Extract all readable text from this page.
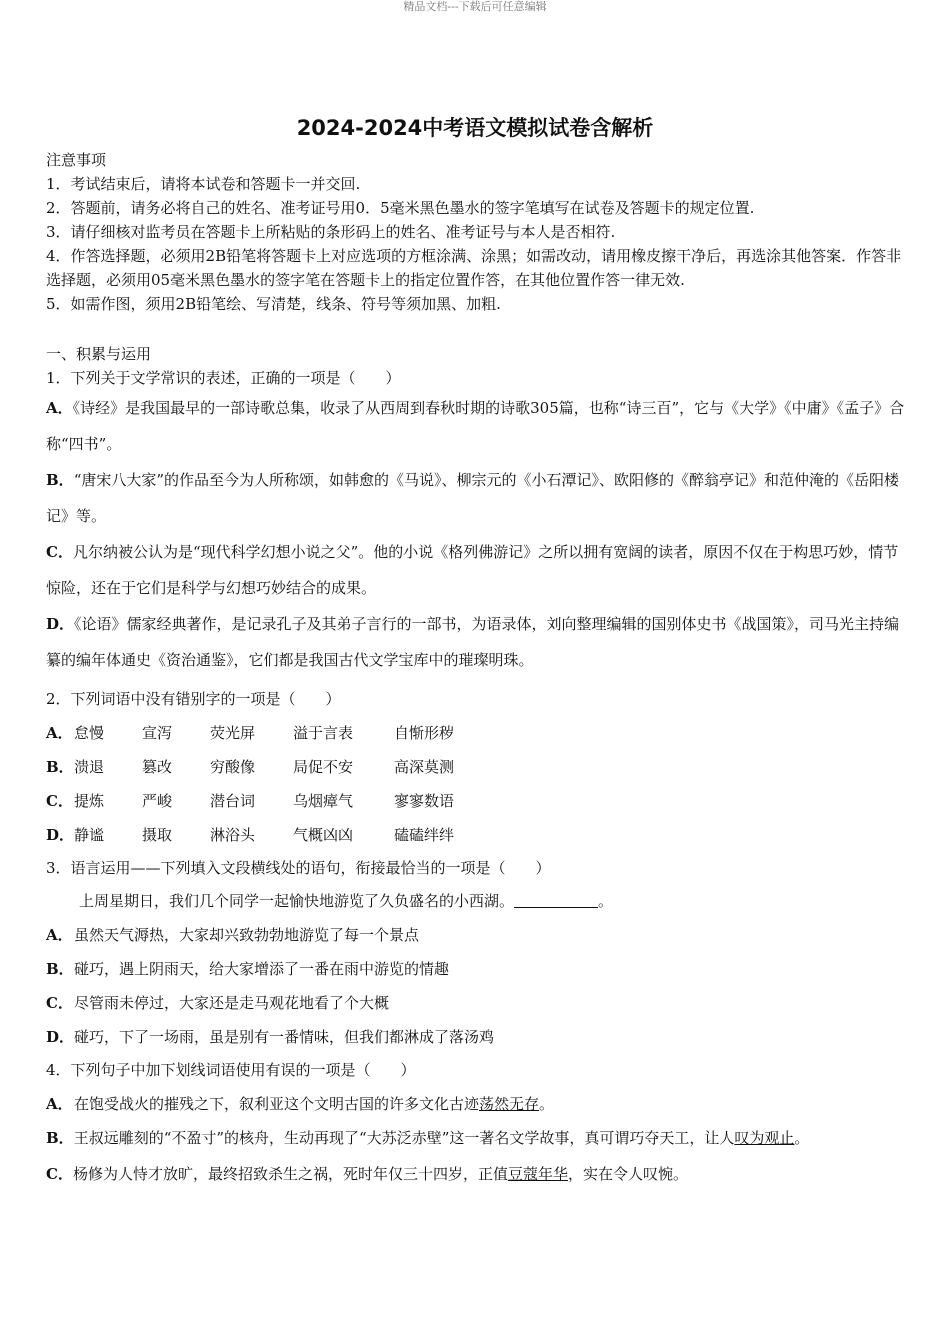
精品文档---下载后可任意编辑
2024-2024中考语文模拟试卷含解析
注意事项
1．考试结束后，请将本试卷和答题卡一并交回.
2．答题前，请务必将自己的姓名、准考证号用0．5毫米黑色墨水的签字笔填写在试卷及答题卡的规定位置.
3．请仔细核对监考员在答题卡上所粘贴的条形码上的姓名、准考证号与本人是否相符.
4．作答选择题，必须用2B铅笔将答题卡上对应选项的方框涂满、涂黑；如需改动，请用橡皮擦干净后，再选涂其他答案．作答非选择题，必须用05毫米黑色墨水的签字笔在答题卡上的指定位置作答，在其他位置作答一律无效.
5．如需作图，须用2B铅笔绘、写清楚，线条、符号等须加黑、加粗.
一、积累与运用
1．下列关于文学常识的表述，正确的一项是（　　）
A．《诗经》是我国最早的一部诗歌总集，收录了从西周到春秋时期的诗歌305篇，也称“诗三百”，它与《大学》《中庸》《孟子》合称“四书”。
B．“唐宋八大家”的作品至今为人所称颂，如韩愈的《马说》、柳宗元的《小石潭记》、欧阳修的《醉翁亭记》和范仲淹的《岳阳楼记》等。
C．凡尔纳被公认为是“现代科学幻想小说之父”。他的小说《格列佛游记》之所以拥有宽阔的读者，原因不仅在于构思巧妙，情节惊险，还在于它们是科学与幻想巧妙结合的成果。
D．《论语》儒家经典著作，是记录孔子及其弟子言行的一部书，为语录体，刘向整理编辑的国别体史书《战国策》，司马光主持编纂的编年体通史《资治通鉴》，它们都是我国古代文学宝库中的璀璨明珠。
2．下列词语中没有错别字的一项是（　　）
A．怠慢	宣泻	荧光屏	溢于言表	自惭形秽
B．溃退	篡改	穷酸像	局促不安	高深莫测
C．提炼	严峻	潜台词	乌烟瘴气	寥寥数语
D．静谧	摄取	淋浴头	气概凶凶	磕磕绊绊
3．语言运用——下列填入文段横线处的语句，衔接最恰当的一项是（　　）
上周星期日，我们几个同学一起愉快地游览了久负盛名的小西湖。	。
A．虽然天气溽热，大家却兴致勃勃地游览了每一个景点
B．碰巧，遇上阴雨天，给大家增添了一番在雨中游览的情趣
C．尽管雨未停过，大家还是走马观花地看了个大概
D．碰巧，下了一场雨，虽是别有一番情味，但我们都淋成了落汤鸡
4．下列句子中加下划线词语使用有误的一项是（　　）
A．在饱受战火的摧残之下，叙利亚这个文明古国的许多文化古迹荡然无存。
B．王叔远雕刻的“不盈寸”的核舟，生动再现了“大苏泛赤壁”这一著名文学故事，真可谓巧夺天工，让人叹为观止。
C．杨修为人恃才放旷，最终招致杀生之祸，死时年仅三十四岁，正值豆蔻年华，实在令人叹惋。
